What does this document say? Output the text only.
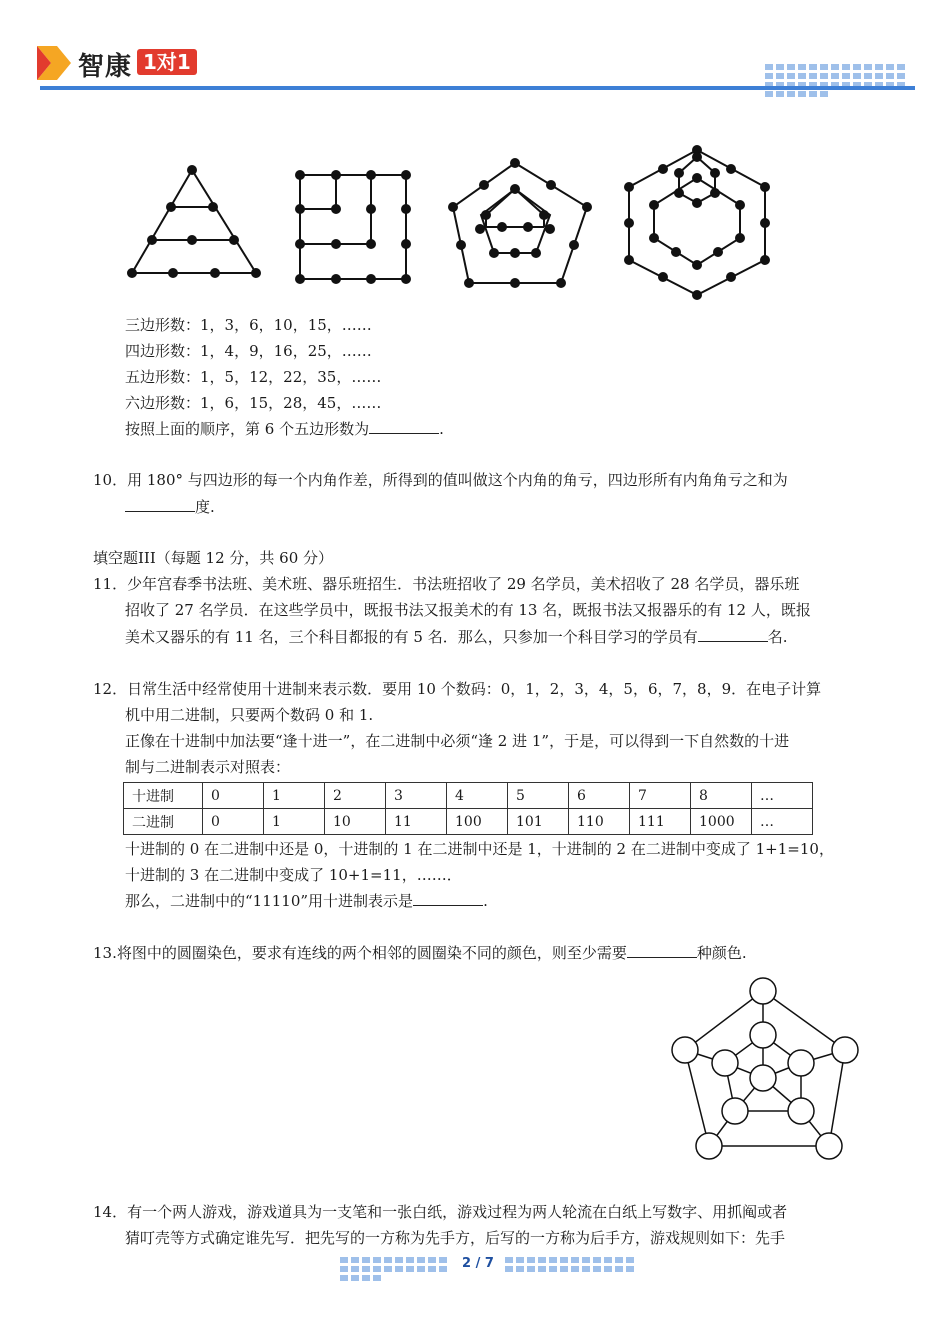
智康 1对1
三边形数：1，3，6，10，15，……
四边形数：1，4，9，16，25，……
五边形数：1，5，12，22，35，……
六边形数：1，6，15，28，45，……
按照上面的顺序，第 6 个五边形数为	.
10．用 180° 与四边形的每一个内角作差，所得到的值叫做这个内角的角亏，四边形所有内角角亏之和为
度.
填空题III（每题 12 分，共 60 分）
11．少年宫春季书法班、美术班、器乐班招生．书法班招收了 29 名学员，美术招收了 28 名学员，器乐班
招收了 27 名学员．在这些学员中，既报书法又报美术的有 13 名，既报书法又报器乐的有 12 人，既报
美术又器乐的有 11 名，三个科目都报的有 5 名．那么，只参加一个科目学习的学员有	名.
12．日常生活中经常使用十进制来表示数．要用 10 个数码：0，1，2，3，4，5，6，7，8，9．在电子计算
机中用二进制，只要两个数码 0 和 1.
正像在十进制中加法要“逢十进一”，在二进制中必须“逢 2 进 1”，于是，可以得到一下自然数的十进
制与二进制表示对照表：
十进制	0	1	2	3	4	5	6	7	8	…
二进制	0	1	10	11	100	101	110	111	1000	…
十进制的 0 在二进制中还是 0，十进制的 1 在二进制中还是 1，十进制的 2 在二进制中变成了 1+1=10，
十进制的 3 在二进制中变成了 10+1=11，……．
那么，二进制中的“11110”用十进制表示是	.
13.将图中的圆圈染色，要求有连线的两个相邻的圆圈染不同的颜色，则至少需要	种颜色.
14．有一个两人游戏，游戏道具为一支笔和一张白纸，游戏过程为两人轮流在白纸上写数字、用抓阄或者
猜叮壳等方式确定谁先写．把先写的一方称为先手方，后写的一方称为后手方，游戏规则如下：先手
2 / 7
